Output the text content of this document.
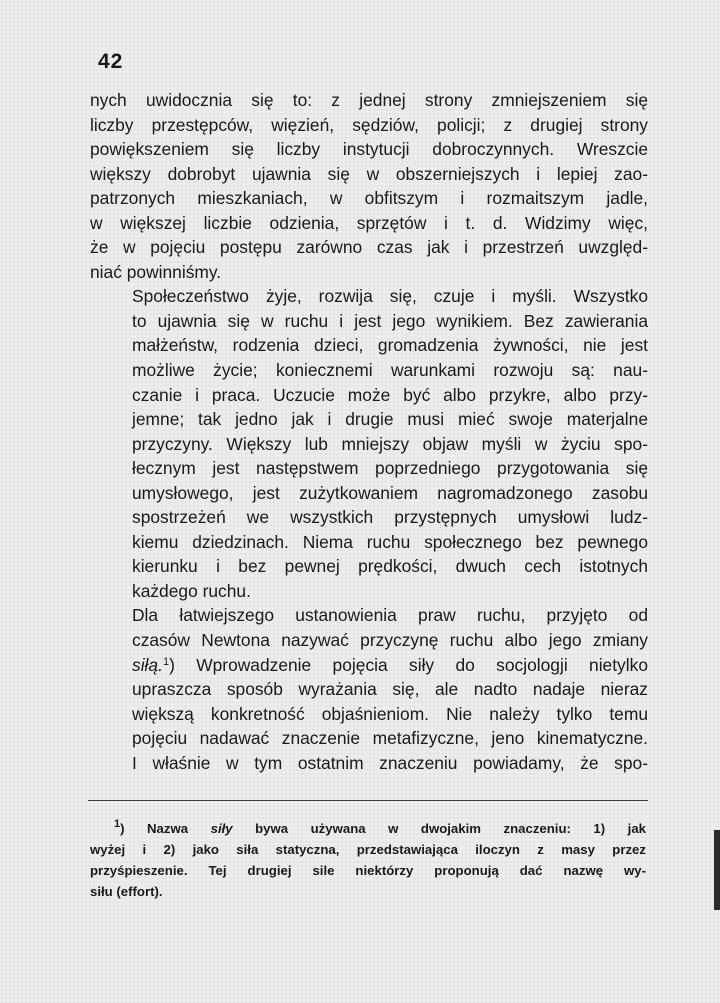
42

nych uwidocznia się to: z jednej strony zmniejszeniem się
liczby przestępców, więzień, sędziów, policji; z drugiej strony
powiększeniem się liczby instytucji dobroczynnych. Wreszcie
większy dobrobyt ujawnia się w obszerniejszych i lepiej zao-
patrzonych mieszkaniach, w obfitszym i rozmaitszym jadle,
w większej liczbie odzienia, sprzętów i t. d. Widzimy więc,
że w pojęciu postępu zarówno czas jak i przestrzeń uwzględ-
niać powinniśmy.

Społeczeństwo żyje, rozwija się, czuje i myśli. Wszystko
to ujawnia się w ruchu i jest jego wynikiem. Bez zawierania
małżeństw, rodzenia dzieci, gromadzenia żywności, nie jest
możliwe życie; koniecznemi warunkami rozwoju są: nau-
czanie i praca. Uczucie może być albo przykre, albo przy-
jemne; tak jedno jak i drugie musi mieć swoje materjalne
przyczyny. Większy lub mniejszy objaw myśli w życiu spo-
łecznym jest następstwem poprzedniego przygotowania się
umysłowego, jest zużytkowaniem nagromadzonego zasobu
spostrzeżeń we wszystkich przystępnych umysłowi ludz-
kiemu dziedzinach. Niema ruchu społecznego bez pewnego
kierunku i bez pewnej prędkości, dwuch cech istotnych
każdego ruchu.

Dla łatwiejszego ustanowienia praw ruchu, przyjęto od
czasów Newtona nazywać przyczynę ruchu albo jego zmiany
siłą.$^1$) Wprowadzenie pojęcia siły do socjologji nietylko
upraszcza sposób wyrażania się, ale nadto nadaje nieraz
większą konkretność objaśnieniom. Nie należy tylko temu
pojęciu nadawać znaczenie metafizyczne, jeno kinematyczne.
I właśnie w tym ostatnim znaczeniu powiadamy, że spo-

$^1$) Nazwa siły bywa używana w dwojakim znaczeniu: 1) jak
wyżej i 2) jako siła statyczna, przedstawiająca iloczyn z masy przez
przyśpieszenie. Tej drugiej sile niektórzy proponują dać nazwę wy-
siłu (effort).
